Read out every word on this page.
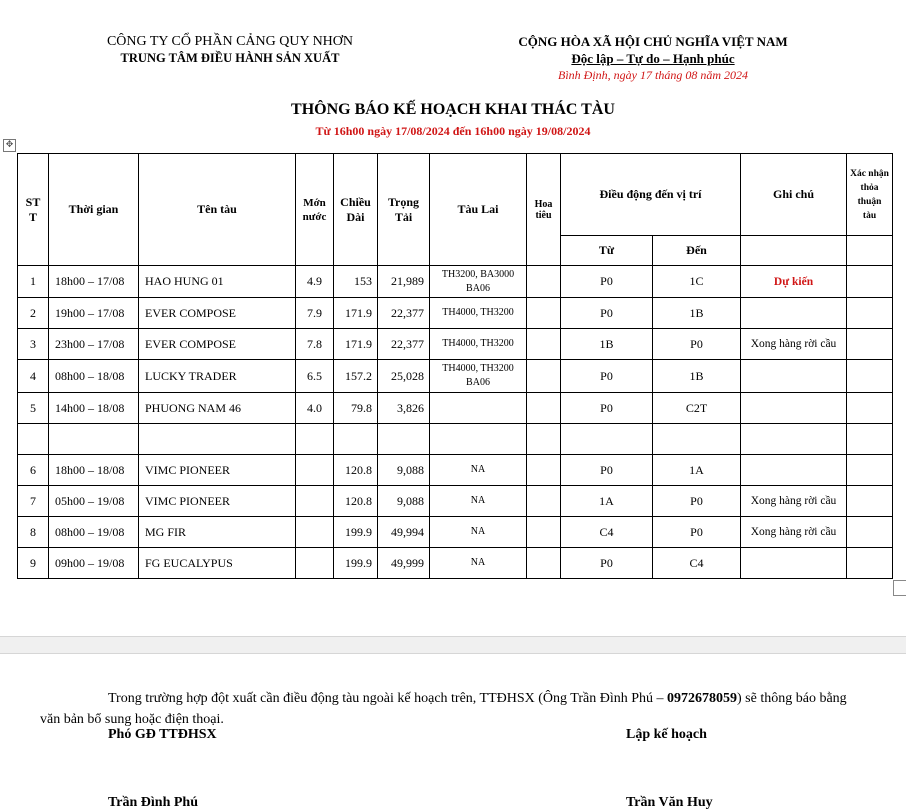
CÔNG TY CỔ PHẦN CẢNG QUY NHƠN
TRUNG TÂM ĐIỀU HÀNH SẢN XUẤT
CỘNG HÒA XÃ HỘI CHỦ NGHĨA VIỆT NAM
Độc lập – Tự do – Hạnh phúc
Bình Định, ngày 17 tháng 08 năm 2024
THÔNG BÁO KẾ HOẠCH KHAI THÁC TÀU
Từ 16h00 ngày 17/08/2024 đến 16h00 ngày 19/08/2024
✥
ST T	Thời gian	Tên tàu	Mớn nước	Chiều Dài	Trọng Tải	Tàu Lai	Hoa tiêu	Điều động đến vị trí		Ghi chú	Xác nhận thỏa thuận tàu
								Từ	Đến		
1	18h00 – 17/08	HAO HUNG 01	4.9	153	21,989	TH3200, BA3000 BA06		P0	1C	Dự kiến	
2	19h00 – 17/08	EVER COMPOSE	7.9	171.9	22,377	TH4000, TH3200		P0	1B		
3	23h00 – 17/08	EVER COMPOSE	7.8	171.9	22,377	TH4000, TH3200		1B	P0	Xong hàng rời cầu	
4	08h00 – 18/08	LUCKY TRADER	6.5	157.2	25,028	TH4000, TH3200 BA06		P0	1B		
5	14h00 – 18/08	PHUONG NAM 46	4.0	79.8	3,826			P0	C2T		

6	18h00 – 18/08	VIMC PIONEER		120.8	9,088	NA		P0	1A		
7	05h00 – 19/08	VIMC PIONEER		120.8	9,088	NA		1A	P0	Xong hàng rời cầu	
8	08h00 – 19/08	MG FIR		199.9	49,994	NA		C4	P0	Xong hàng rời cầu	
9	09h00 – 19/08	FG EUCALYPUS		199.9	49,999	NA		P0	C4		
Trong trường hợp đột xuất cần điều động tàu ngoài kế hoạch trên, TTĐHSX (Ông Trần Đình Phú – 0972678059) sẽ thông báo bằng văn bản bổ sung hoặc điện thoại.
Phó GĐ TTĐHSX	Lập kế hoạch
Trần Đình Phú	Trần Văn Huy
